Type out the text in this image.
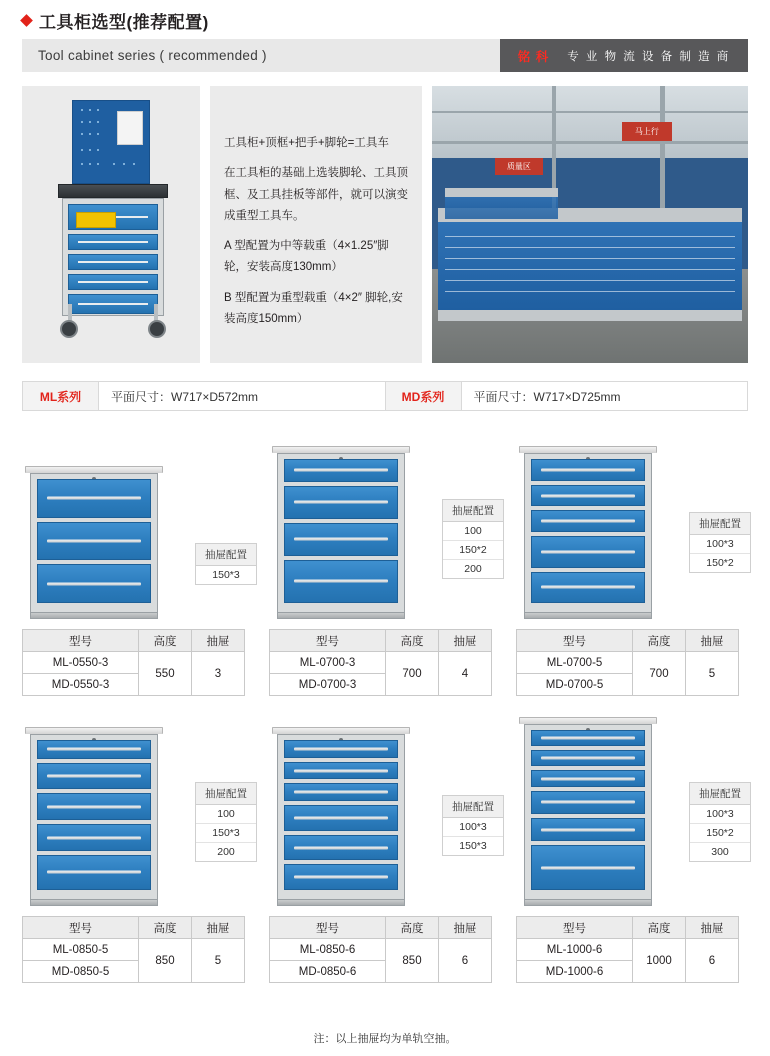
工具柜选型(推荐配置)
Tool cabinet series ( recommended )	铭 科 专 业 物 流 设 备 制 造 商

工具柜+顶框+把手+脚轮=工具车

在工具柜的基础上选装脚轮、工具顶框、及工具挂板等部件，就可以演变成重型工具车。

A 型配置为中等载重（4×1.25″脚轮，安装高度130mm）

B 型配置为重型载重（4×2″ 脚轮,安装高度150mm）

马上行
质量区
ML系列	平面尺寸：W717×D572mm	MD系列	平面尺寸：W717×D725mm
抽屉配置
150*3
型号	高度	抽屉
ML-0550-3	550	3
MD-0550-3		
抽屉配置
100
150*2
200
型号	高度	抽屉
ML-0700-3	700	4
MD-0700-3		
抽屉配置
100*3
150*2
型号	高度	抽屉
ML-0700-5	700	5
MD-0700-5		
抽屉配置
100
150*3
200
型号	高度	抽屉
ML-0850-5	850	5
MD-0850-5		
抽屉配置
100*3
150*3
型号	高度	抽屉
ML-0850-6	850	6
MD-0850-6		
抽屉配置
100*3
150*2
300
型号	高度	抽屉
ML-1000-6	1000	6
MD-1000-6		
注：以上抽屉均为单轨空抽。
